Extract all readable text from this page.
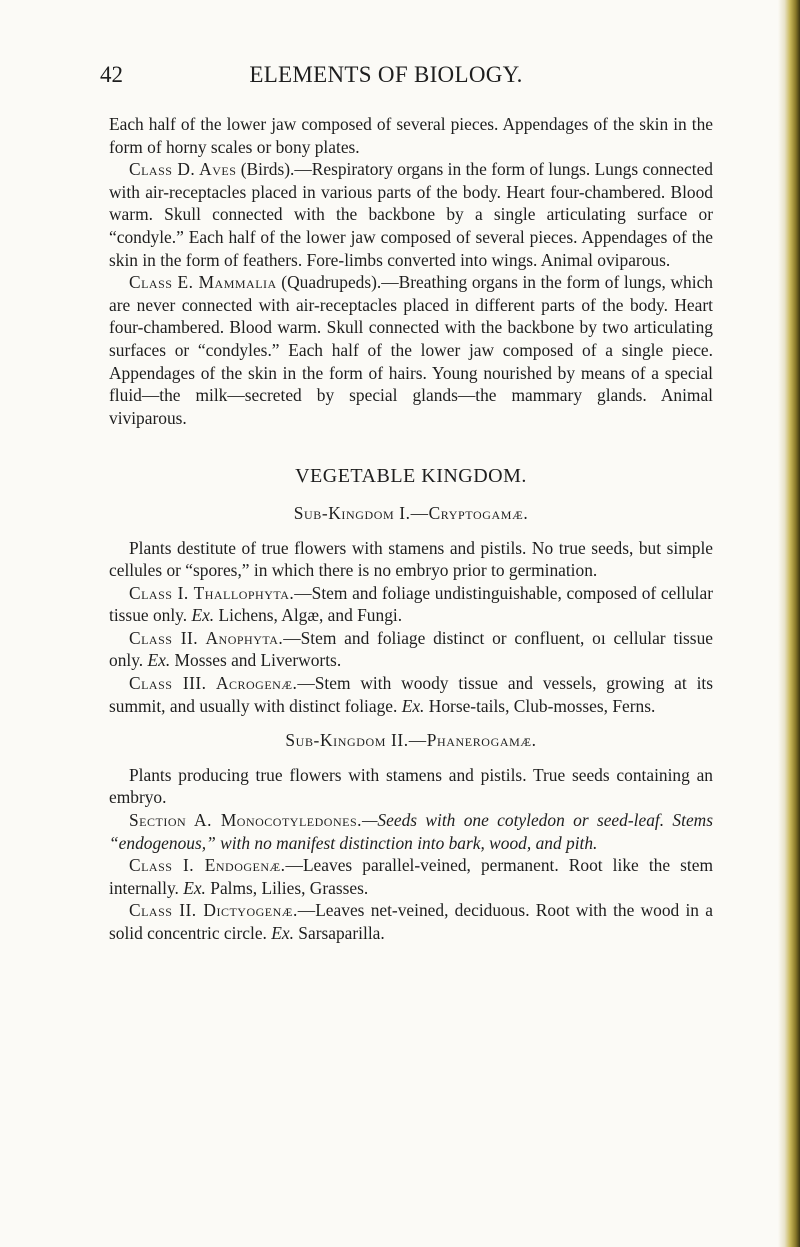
42	ELEMENTS OF BIOLOGY.

Each half of the lower jaw composed of several pieces. Appendages of the skin in the form of horny scales or bony plates.

Class D. Aves (Birds).—Respiratory organs in the form of lungs. Lungs connected with air-receptacles placed in various parts of the body. Heart four-chambered. Blood warm. Skull connected with the backbone by a single articulating surface or “condyle.” Each half of the lower jaw composed of several pieces. Appendages of the skin in the form of feathers. Fore-limbs converted into wings. Animal oviparous.

Class E. Mammalia (Quadrupeds).—Breathing organs in the form of lungs, which are never connected with air-receptacles placed in different parts of the body. Heart four-chambered. Blood warm. Skull connected with the backbone by two articulating surfaces or “condyles.” Each half of the lower jaw composed of a single piece. Appendages of the skin in the form of hairs. Young nourished by means of a special fluid—the milk—secreted by special glands—the mammary glands. Animal viviparous.

VEGETABLE KINGDOM.
Sub-Kingdom I.—Cryptogamæ.

Plants destitute of true flowers with stamens and pistils. No true seeds, but simple cellules or “spores,” in which there is no embryo prior to germination.

Class I. Thallophyta.—Stem and foliage undistinguishable, composed of cellular tissue only. Ex. Lichens, Algæ, and Fungi.

Class II. Anophyta.—Stem and foliage distinct or confluent, oı cellular tissue only. Ex. Mosses and Liverworts.

Class III. Acrogenæ.—Stem with woody tissue and vessels, growing at its summit, and usually with distinct foliage. Ex. Horse-tails, Club-mosses, Ferns.

Sub-Kingdom II.—Phanerogamæ.

Plants producing true flowers with stamens and pistils. True seeds containing an embryo.

Section A. Monocotyledones.—Seeds with one cotyledon or seed-leaf. Stems “endogenous,” with no manifest distinction into bark, wood, and pith.

Class I. Endogenæ.—Leaves parallel-veined, permanent. Root like the stem internally. Ex. Palms, Lilies, Grasses.

Class II. Dictyogenæ.—Leaves net-veined, deciduous. Root with the wood in a solid concentric circle. Ex. Sarsaparilla.
